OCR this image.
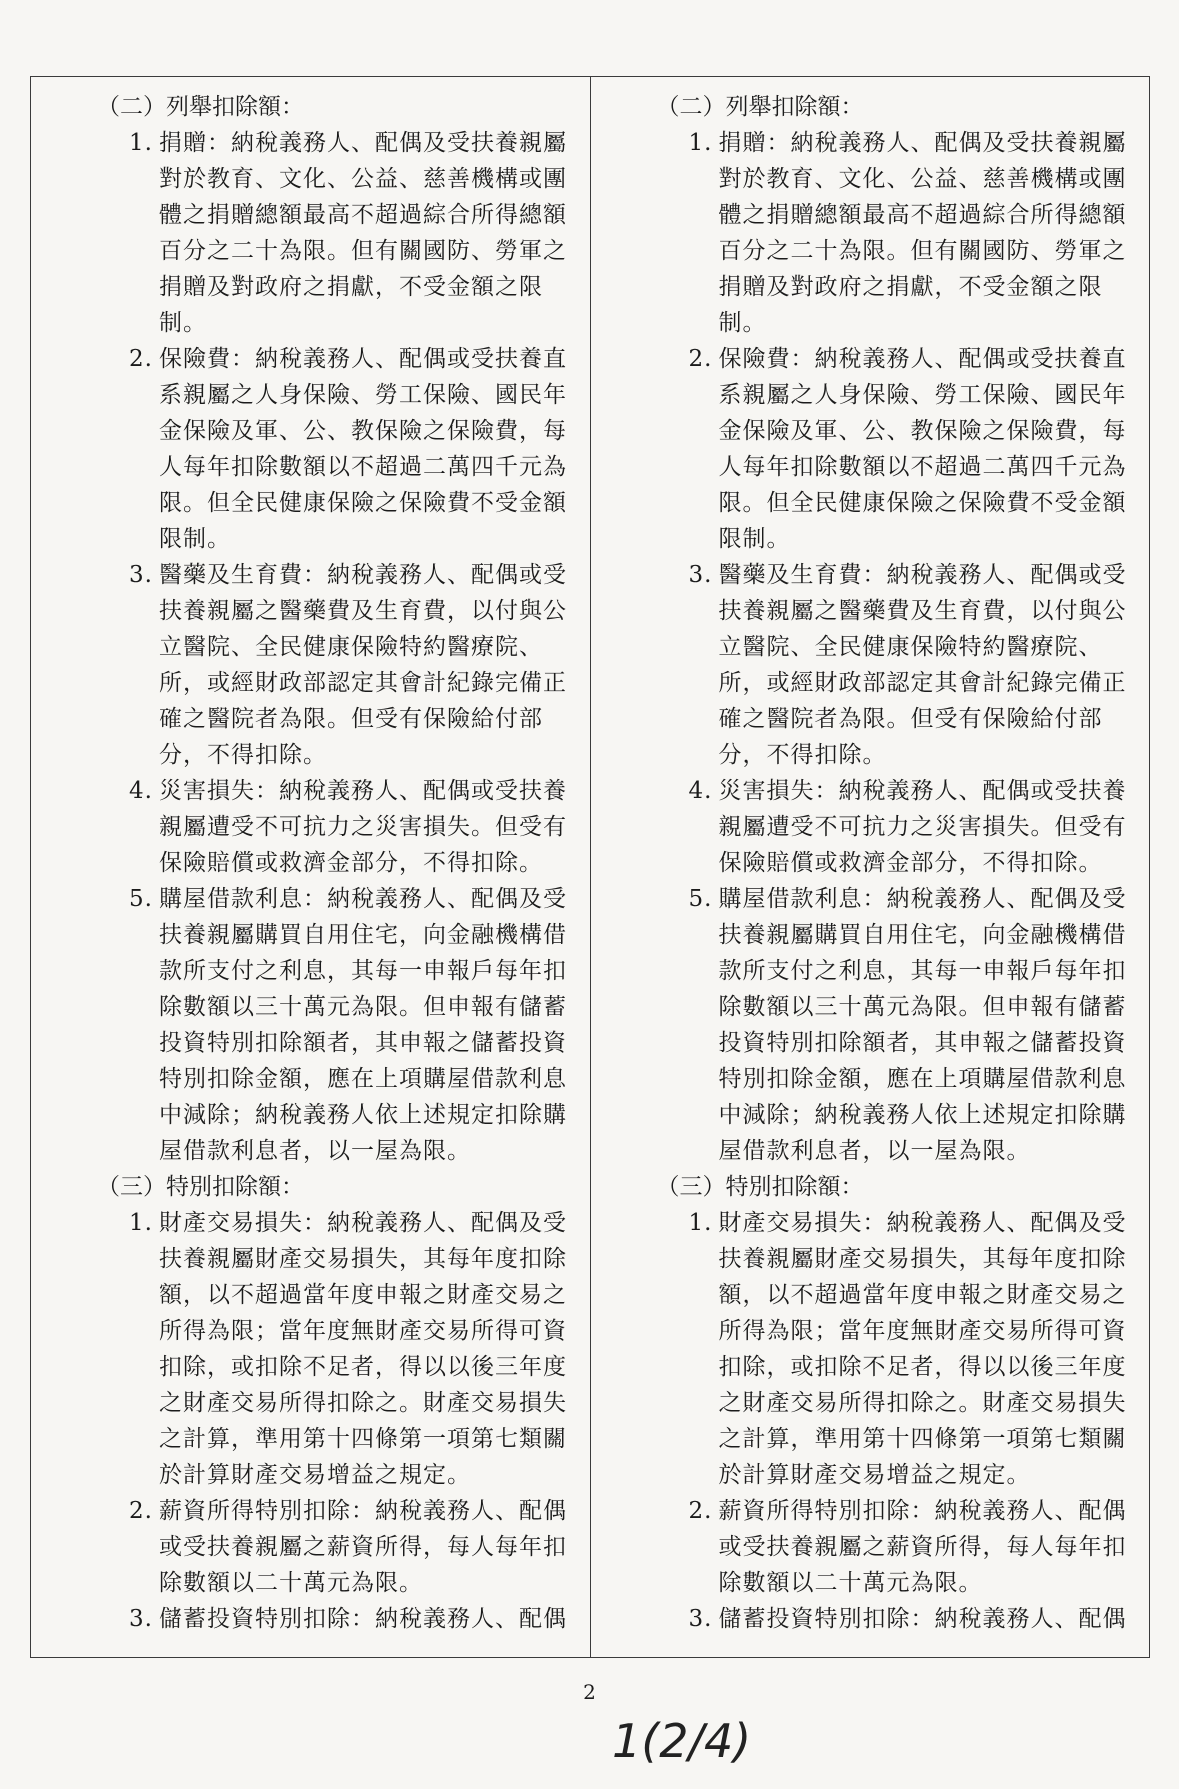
（二）列舉扣除額：
1. 捐贈：納稅義務人、配偶及受扶養親屬對於教育、文化、公益、慈善機構或團體之捐贈總額最高不超過綜合所得總額百分之二十為限。但有關國防、勞軍之捐贈及對政府之捐獻，不受金額之限制。
2. 保險費：納稅義務人、配偶或受扶養直系親屬之人身保險、勞工保險、國民年金保險及軍、公、教保險之保險費，每人每年扣除數額以不超過二萬四千元為限。但全民健康保險之保險費不受金額限制。
3. 醫藥及生育費：納稅義務人、配偶或受扶養親屬之醫藥費及生育費，以付與公立醫院、全民健康保險特約醫療院、所，或經財政部認定其會計紀錄完備正確之醫院者為限。但受有保險給付部分，不得扣除。
4. 災害損失：納稅義務人、配偶或受扶養親屬遭受不可抗力之災害損失。但受有保險賠償或救濟金部分，不得扣除。
5. 購屋借款利息：納稅義務人、配偶及受扶養親屬購買自用住宅，向金融機構借款所支付之利息，其每一申報戶每年扣除數額以三十萬元為限。但申報有儲蓄投資特別扣除額者，其申報之儲蓄投資特別扣除金額，應在上項購屋借款利息中減除；納稅義務人依上述規定扣除購屋借款利息者，以一屋為限。
（三）特別扣除額：
1. 財產交易損失：納稅義務人、配偶及受扶養親屬財產交易損失，其每年度扣除額，以不超過當年度申報之財產交易之所得為限；當年度無財產交易所得可資扣除，或扣除不足者，得以以後三年度之財產交易所得扣除之。財產交易損失之計算，準用第十四條第一項第七類關於計算財產交易增益之規定。
2. 薪資所得特別扣除：納稅義務人、配偶或受扶養親屬之薪資所得，每人每年扣除數額以二十萬元為限。
3. 儲蓄投資特別扣除：納稅義務人、配偶
（二）列舉扣除額：
1. 捐贈：納稅義務人、配偶及受扶養親屬對於教育、文化、公益、慈善機構或團體之捐贈總額最高不超過綜合所得總額百分之二十為限。但有關國防、勞軍之捐贈及對政府之捐獻，不受金額之限制。
2. 保險費：納稅義務人、配偶或受扶養直系親屬之人身保險、勞工保險、國民年金保險及軍、公、教保險之保險費，每人每年扣除數額以不超過二萬四千元為限。但全民健康保險之保險費不受金額限制。
3. 醫藥及生育費：納稅義務人、配偶或受扶養親屬之醫藥費及生育費，以付與公立醫院、全民健康保險特約醫療院、所，或經財政部認定其會計紀錄完備正確之醫院者為限。但受有保險給付部分，不得扣除。
4. 災害損失：納稅義務人、配偶或受扶養親屬遭受不可抗力之災害損失。但受有保險賠償或救濟金部分，不得扣除。
5. 購屋借款利息：納稅義務人、配偶及受扶養親屬購買自用住宅，向金融機構借款所支付之利息，其每一申報戶每年扣除數額以三十萬元為限。但申報有儲蓄投資特別扣除額者，其申報之儲蓄投資特別扣除金額，應在上項購屋借款利息中減除；納稅義務人依上述規定扣除購屋借款利息者，以一屋為限。
（三）特別扣除額：
1. 財產交易損失：納稅義務人、配偶及受扶養親屬財產交易損失，其每年度扣除額，以不超過當年度申報之財產交易之所得為限；當年度無財產交易所得可資扣除，或扣除不足者，得以以後三年度之財產交易所得扣除之。財產交易損失之計算，準用第十四條第一項第七類關於計算財產交易增益之規定。
2. 薪資所得特別扣除：納稅義務人、配偶或受扶養親屬之薪資所得，每人每年扣除數額以二十萬元為限。
3. 儲蓄投資特別扣除：納稅義務人、配偶
2
1(2/4)
